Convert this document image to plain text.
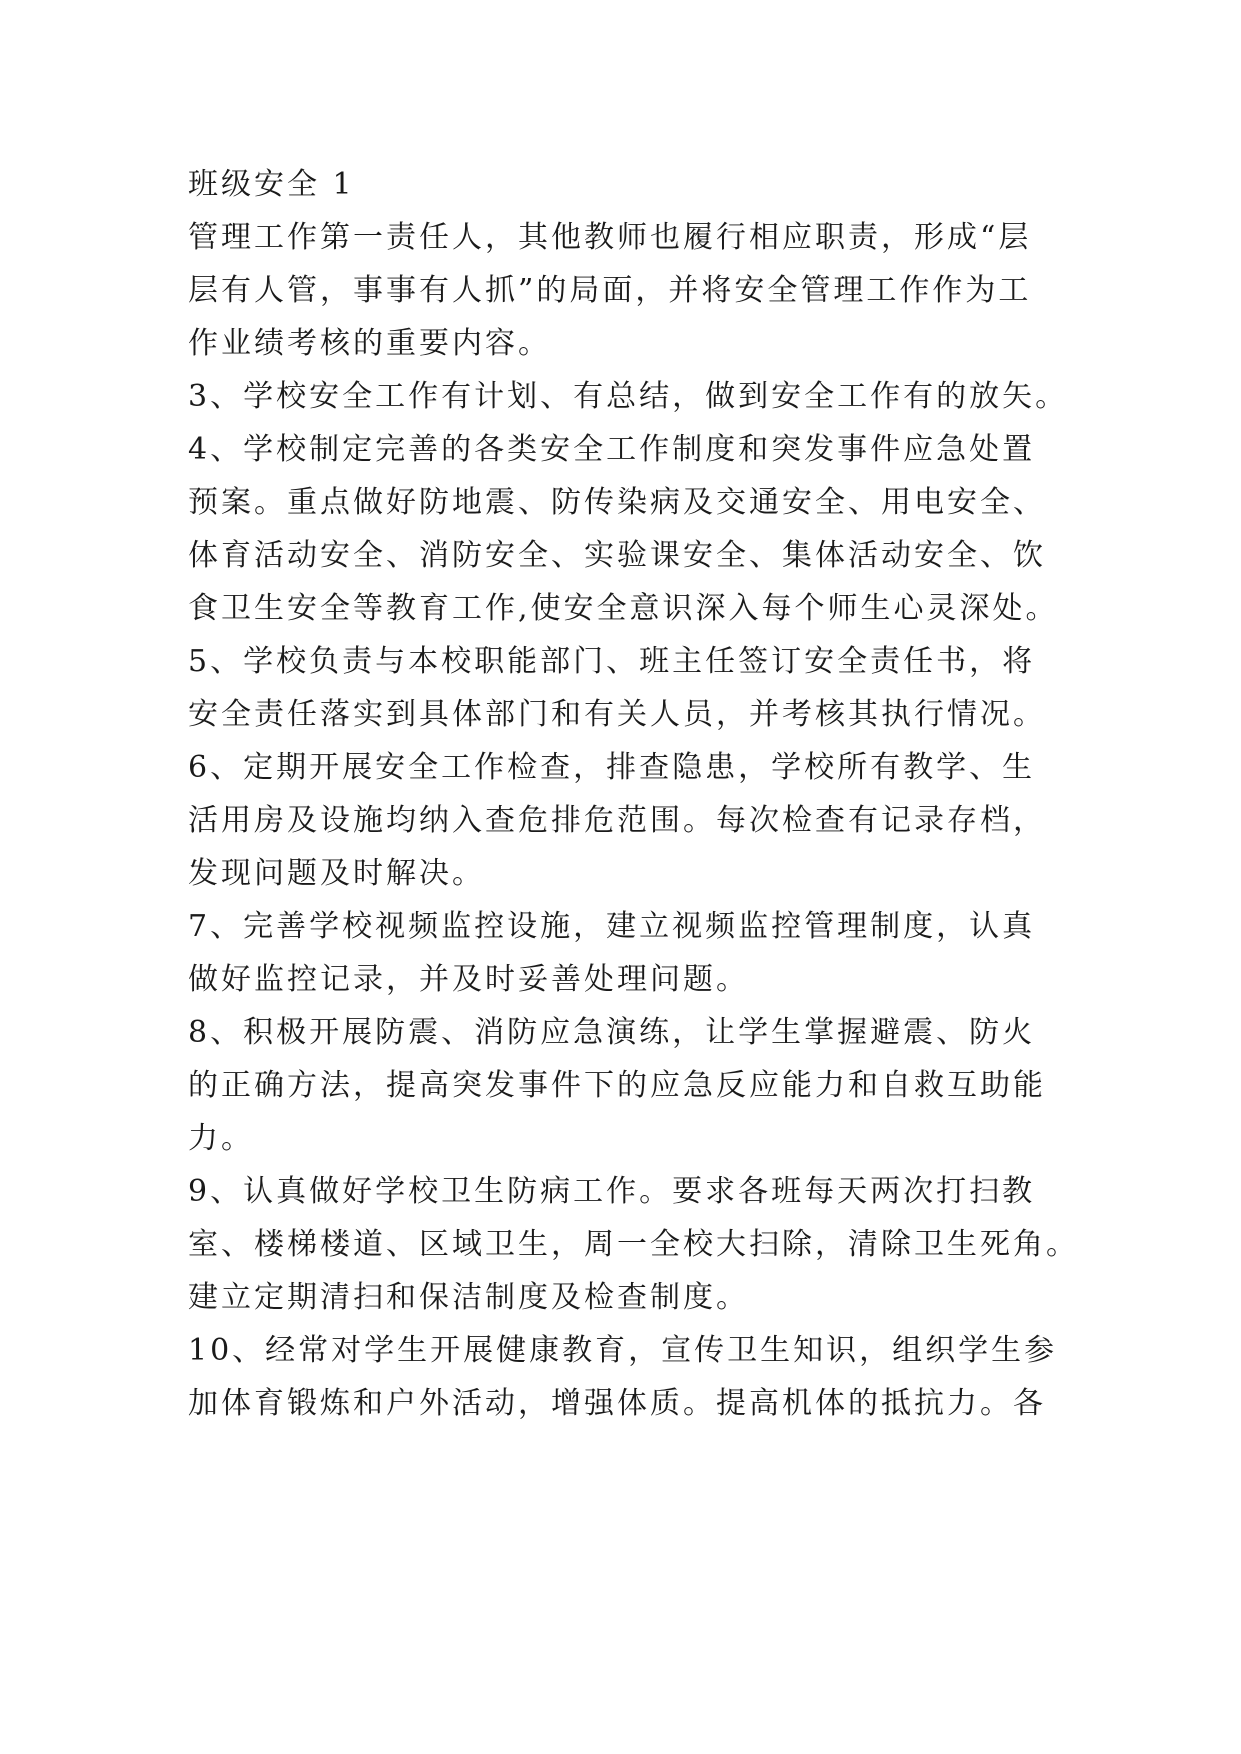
班级安全 1
管理工作第一责任人，其他教师也履行相应职责，形成“层
层有人管，事事有人抓”的局面，并将安全管理工作作为工
作业绩考核的重要内容。
3、学校安全工作有计划、有总结，做到安全工作有的放矢。
4、学校制定完善的各类安全工作制度和突发事件应急处置
预案。重点做好防地震、防传染病及交通安全、用电安全、
体育活动安全、消防安全、实验课安全、集体活动安全、饮
食卫生安全等教育工作,使安全意识深入每个师生心灵深处。
5、学校负责与本校职能部门、班主任签订安全责任书，将
安全责任落实到具体部门和有关人员，并考核其执行情况。
6、定期开展安全工作检查，排查隐患，学校所有教学、生
活用房及设施均纳入查危排危范围。每次检查有记录存档，
发现问题及时解决。
7、完善学校视频监控设施，建立视频监控管理制度，认真
做好监控记录，并及时妥善处理问题。
8、积极开展防震、消防应急演练，让学生掌握避震、防火
的正确方法，提高突发事件下的应急反应能力和自救互助能
力。
9、认真做好学校卫生防病工作。要求各班每天两次打扫教
室、楼梯楼道、区域卫生，周一全校大扫除，清除卫生死角。
建立定期清扫和保洁制度及检查制度。
10、经常对学生开展健康教育，宣传卫生知识，组织学生参
加体育锻炼和户外活动，增强体质。提高机体的抵抗力。各
